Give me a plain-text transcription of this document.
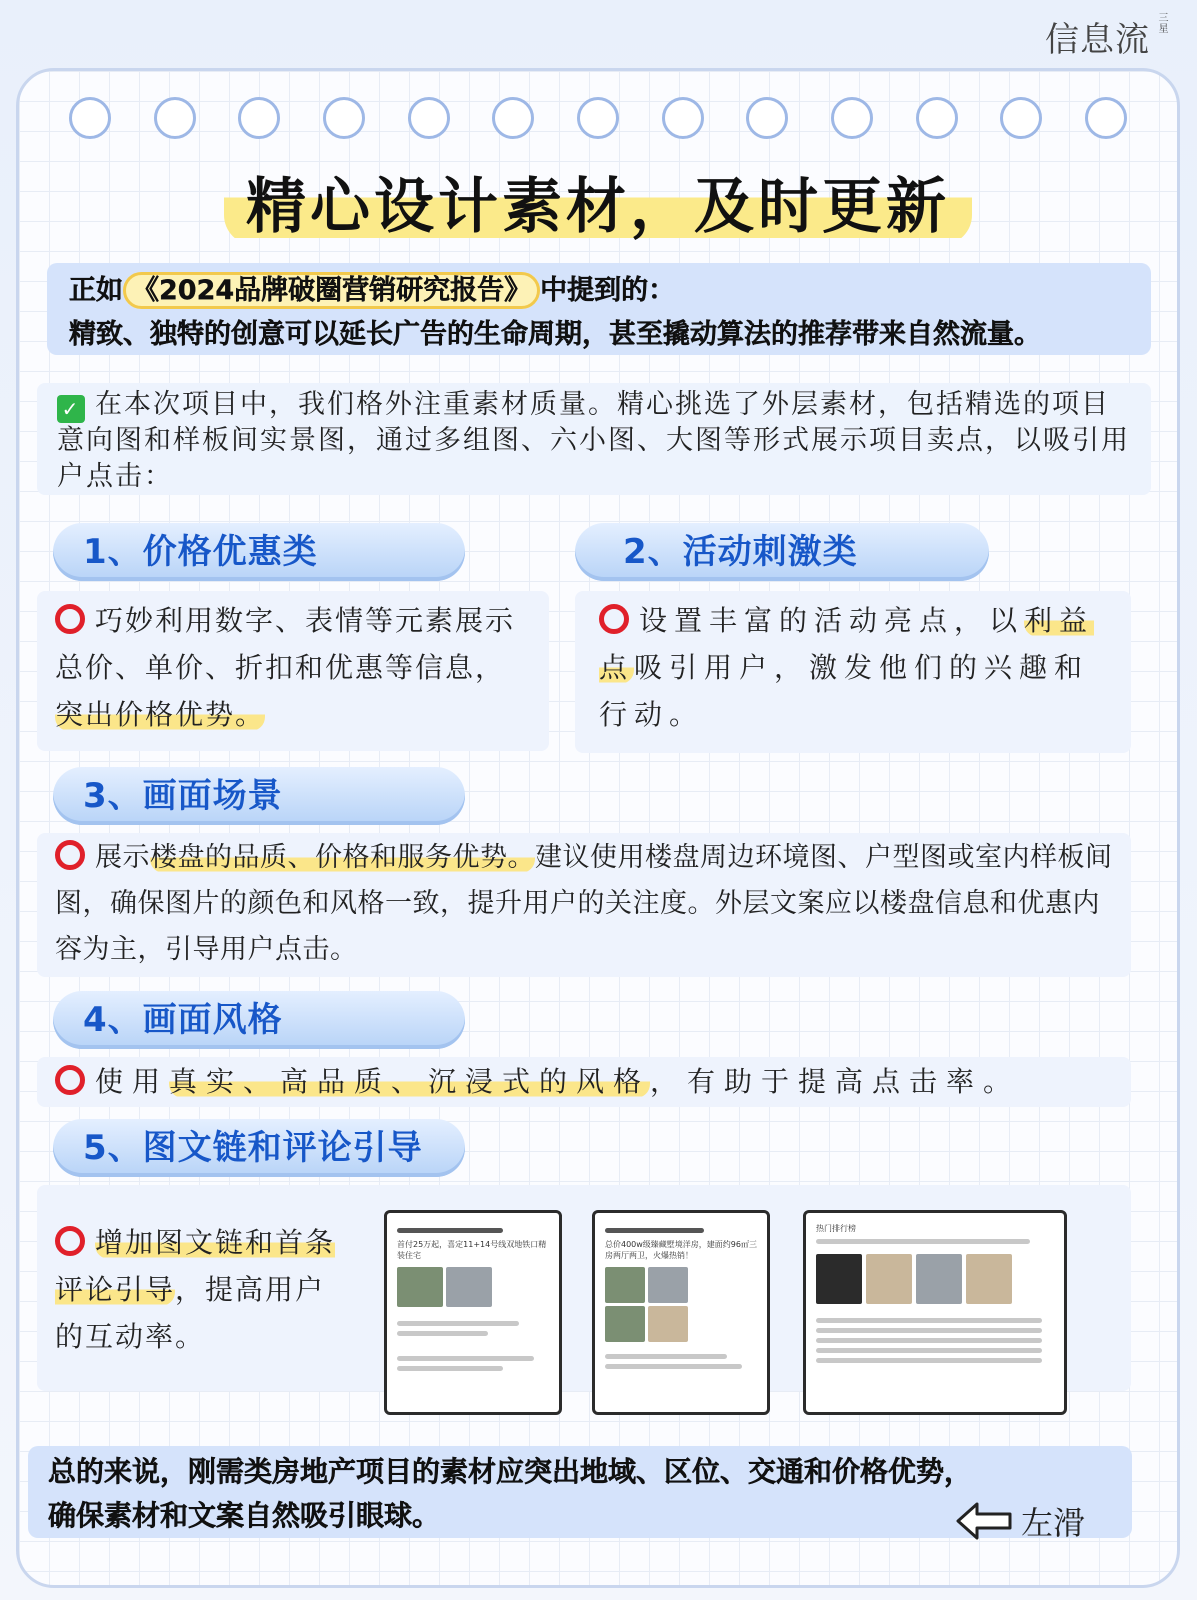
信息流 三星
精心设计素材，及时更新
正如 《2024品牌破圈营销研究报告》 中提到的：
精致、独特的创意可以延长广告的生命周期，甚至撬动算法的推荐带来自然流量。
✓ 在本次项目中，我们格外注重素材质量。精心挑选了外层素材，包括精选的项目意向图和样板间实景图，通过多组图、六小图、大图等形式展示项目卖点，以吸引用户点击：
1、价格优惠类
巧妙利用数字、表情等元素展示总价、单价、折扣和优惠等信息，突出价格优势。
2、活动刺激类
设置丰富的活动亮点，以利益点吸引用户，激发他们的兴趣和行动。
3、画面场景
展示楼盘的品质、价格和服务优势。建议使用楼盘周边环境图、户型图或室内样板间图，确保图片的颜色和风格一致，提升用户的关注度。外层文案应以楼盘信息和优惠内容为主，引导用户点击。
4、画面风格
使用真实、高品质、沉浸式的风格，有助于提高点击率。
5、图文链和评论引导
增加图文链和首条评论引导，提高用户的互动率。
首付25万起，喜定11+14号线双地铁口精装住宅
总价400w级臻藏墅境洋房，建面约96㎡三房两厅两卫，火爆热销！
热门排行榜
总的来说，刚需类房地产项目的素材应突出地域、区位、交通和价格优势，
确保素材和文案自然吸引眼球。	左滑
